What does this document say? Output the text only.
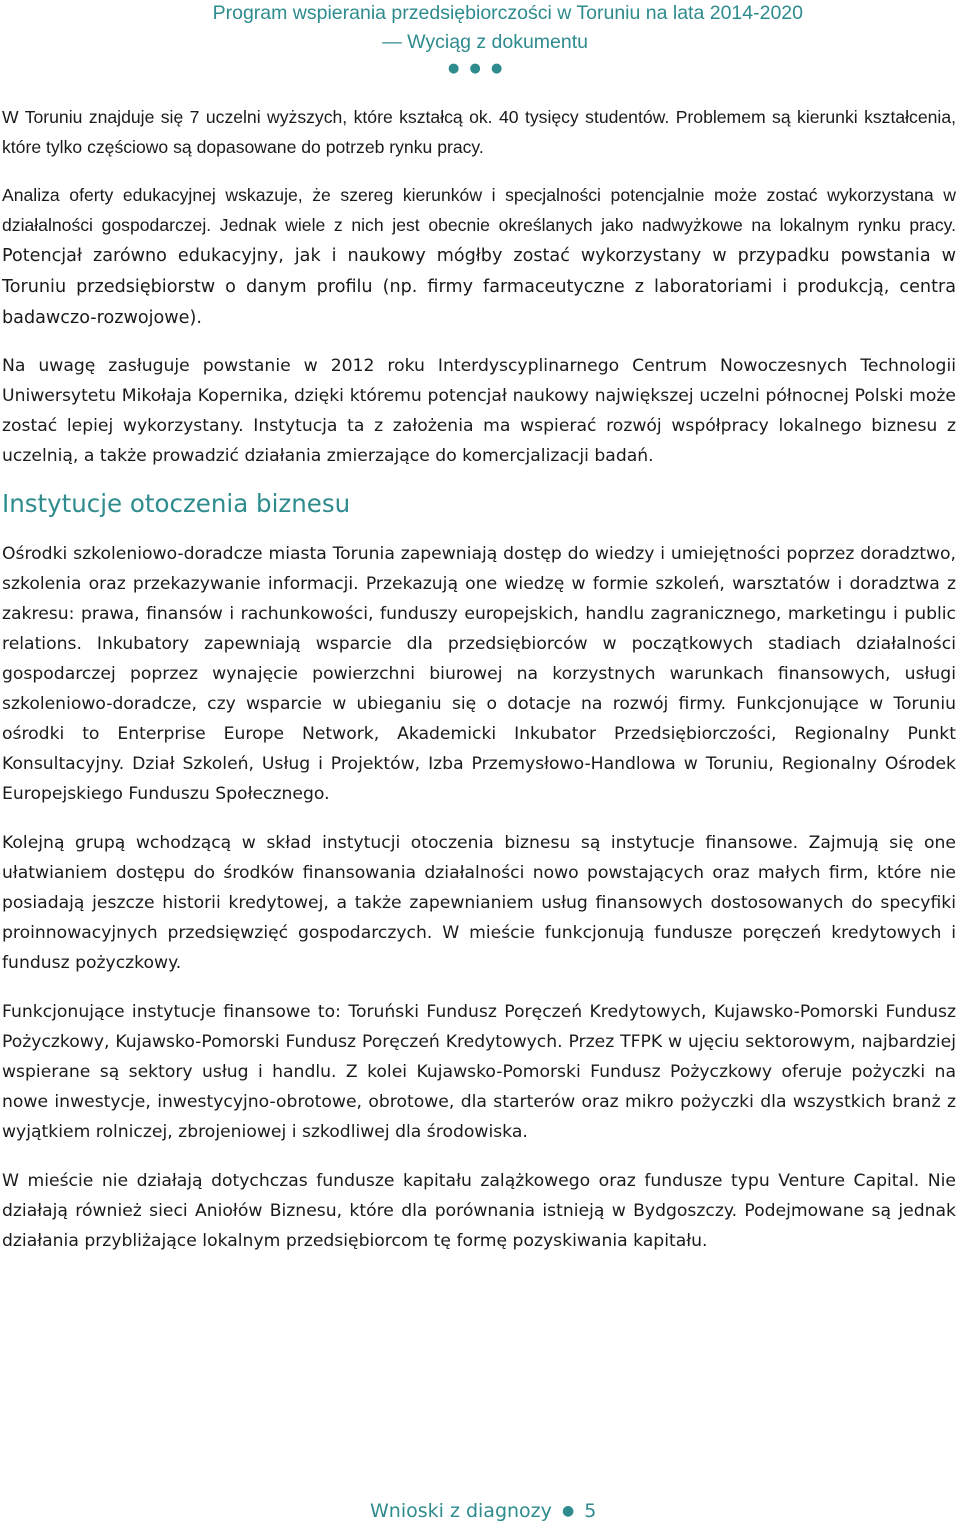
Program wspierania przedsiębiorczości w Toruniu na lata 2014-2020
— Wyciąg z dokumentu
● ● ●

W Toruniu znajduje się 7 uczelni wyższych, które kształcą ok. 40 tysięcy studentów. Problemem są kierunki kształcenia, które tylko częściowo są dopasowane do potrzeb rynku pracy.

Analiza oferty edukacyjnej wskazuje, że szereg kierunków i specjalności potencjalnie może zostać wykorzystana w działalności gospodarczej. Jednak wiele z nich jest obecnie określanych jako nadwyżkowe na lokalnym rynku pracy. Potencjał zarówno edukacyjny, jak i naukowy mógłby zostać wykorzystany w przypadku powstania w Toruniu przedsiębiorstw o danym profilu (np. firmy farmaceutyczne z laboratoriami i produkcją, centra badawczo-rozwojowe).

Na uwagę zasługuje powstanie w 2012 roku Interdyscyplinarnego Centrum Nowoczesnych Technologii Uniwersytetu Mikołaja Kopernika, dzięki któremu potencjał naukowy największej uczelni północnej Polski może zostać lepiej wykorzystany. Instytucja ta z założenia ma wspierać rozwój współpracy lokalnego biznesu z uczelnią, a także prowadzić działania zmierzające do komercjalizacji badań.

Instytucje otoczenia biznesu

Ośrodki szkoleniowo-doradcze miasta Torunia zapewniają dostęp do wiedzy i umiejętności poprzez doradztwo, szkolenia oraz przekazywanie informacji. Przekazują one wiedzę w formie szkoleń, warsztatów i doradztwa z zakresu: prawa, finansów i rachunkowości, funduszy europejskich, handlu zagranicznego, marketingu i public relations. Inkubatory zapewniają wsparcie dla przedsiębiorców w początkowych stadiach działalności gospodarczej poprzez wynajęcie powierzchni biurowej na korzystnych warunkach finansowych, usługi szkoleniowo-doradcze, czy wsparcie w ubieganiu się o dotacje na rozwój firmy. Funkcjonujące w Toruniu ośrodki to Enterprise Europe Network, Akademicki Inkubator Przedsiębiorczości, Regionalny Punkt Konsultacyjny. Dział Szkoleń, Usług i Projektów, Izba Przemysłowo-Handlowa w Toruniu, Regionalny Ośrodek Europejskiego Funduszu Społecznego.

Kolejną grupą wchodzącą w skład instytucji otoczenia biznesu są instytucje finansowe. Zajmują się one ułatwianiem dostępu do środków finansowania działalności nowo powstających oraz małych firm, które nie posiadają jeszcze historii kredytowej, a także zapewnianiem usług finansowych dostosowanych do specyfiki proinnowacyjnych przedsięwzięć gospodarczych. W mieście funkcjonują fundusze poręczeń kredytowych i fundusz pożyczkowy.

Funkcjonujące instytucje finansowe to: Toruński Fundusz Poręczeń Kredytowych, Kujawsko-Pomorski Fundusz Pożyczkowy, Kujawsko-Pomorski Fundusz Poręczeń Kredytowych. Przez TFPK w ujęciu sektorowym, najbardziej wspierane są sektory usług i handlu. Z kolei Kujawsko-Pomorski Fundusz Pożyczkowy oferuje pożyczki na nowe inwestycje, inwestycyjno-obrotowe, obrotowe, dla starterów oraz mikro pożyczki dla wszystkich branż z wyjątkiem rolniczej, zbrojeniowej i szkodliwej dla środowiska.

W mieście nie działają dotychczas fundusze kapitału zalążkowego oraz fundusze typu Venture Capital. Nie działają również sieci Aniołów Biznesu, które dla porównania istnieją w Bydgoszczy. Podejmowane są jednak działania przybliżające lokalnym przedsiębiorcom tę formę pozyskiwania kapitału.

Wnioski z diagnozy ● 5
